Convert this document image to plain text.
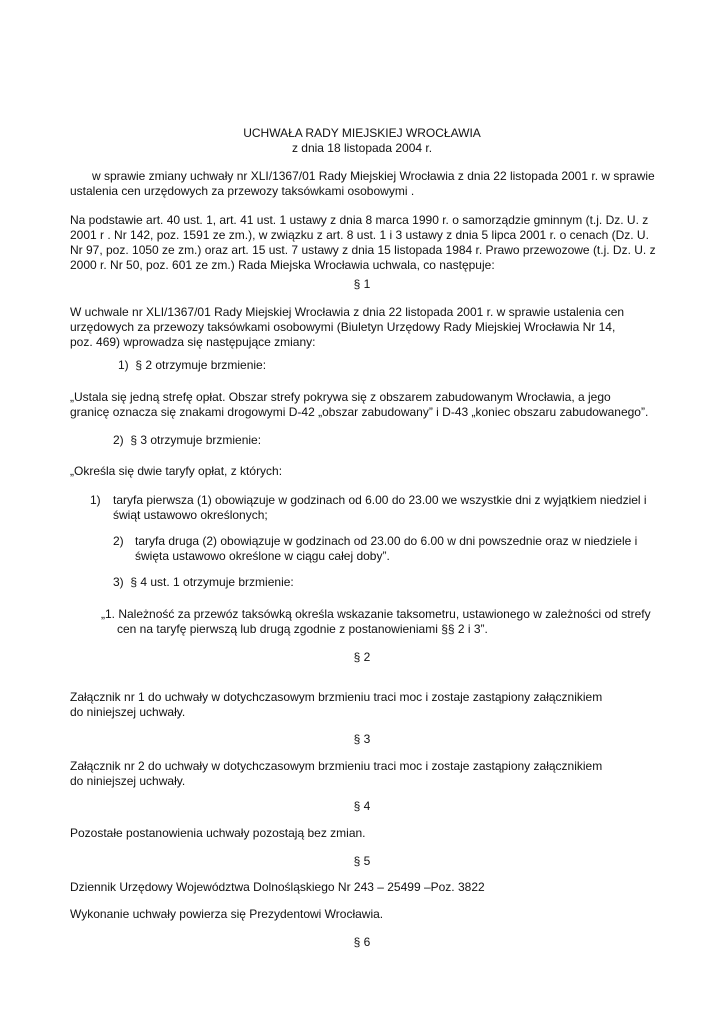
UCHWAŁA RADY MIEJSKIEJ WROCŁAWIA

z dnia 18 listopada 2004 r.

w sprawie zmiany uchwały nr XLI/1367/01 Rady Miejskiej Wrocławia z dnia 22 listopada 2001 r. w sprawie

ustalenia cen urzędowych za przewozy taksówkami osobowymi .

Na podstawie art. 40 ust. 1, art. 41 ust. 1 ustawy z dnia 8 marca 1990 r. o samorządzie gminnym (t.j. Dz. U. z

2001 r . Nr 142, poz. 1591 ze zm.), w związku z art. 8 ust. 1 i 3 ustawy z dnia 5 lipca 2001 r. o cenach (Dz. U.

Nr 97, poz. 1050 ze zm.) oraz art. 15 ust. 7 ustawy z dnia 15 listopada 1984 r. Prawo przewozowe (t.j. Dz. U. z

2000 r. Nr 50, poz. 601 ze zm.) Rada Miejska Wrocławia uchwala, co następuje:

§ 1

W uchwale nr XLI/1367/01 Rady Miejskiej Wrocławia z dnia 22 listopada 2001 r. w sprawie ustalenia cen

urzędowych za przewozy taksówkami osobowymi (Biuletyn Urzędowy Rady Miejskiej Wrocławia Nr 14,

poz. 469) wprowadza się następujące zmiany:

1)  § 2 otrzymuje brzmienie:

„Ustala się jedną strefę opłat. Obszar strefy pokrywa się z obszarem zabudowanym Wrocławia, a jego

granicę oznacza się znakami drogowymi D-42 „obszar zabudowany” i D-43 „koniec obszaru zabudowanego”.

2)  § 3 otrzymuje brzmienie:

„Określa się dwie taryfy opłat, z których:

1) taryfa pierwsza (1) obowiązuje w godzinach od 6.00 do 23.00 we wszystkie dni z wyjątkiem niedziel i

świąt ustawowo określonych;

2) taryfa druga (2) obowiązuje w godzinach od 23.00 do 6.00 w dni powszednie oraz w niedziele i

święta ustawowo określone w ciągu całej doby”.

3)  § 4 ust. 1 otrzymuje brzmienie:

„1. Należność za przewóz taksówką określa wskazanie taksometru, ustawionego w zależności od strefy

cen na taryfę pierwszą lub drugą zgodnie z postanowieniami §§ 2 i 3”.

§ 2

Załącznik nr 1 do uchwały w dotychczasowym brzmieniu traci moc i zostaje zastąpiony załącznikiem

do niniejszej uchwały.

§ 3

Załącznik nr 2 do uchwały w dotychczasowym brzmieniu traci moc i zostaje zastąpiony załącznikiem

do niniejszej uchwały.

§ 4

Pozostałe postanowienia uchwały pozostają bez zmian.

§ 5

Dziennik Urzędowy Województwa Dolnośląskiego Nr 243 – 25499 –Poz. 3822

Wykonanie uchwały powierza się Prezydentowi Wrocławia.

§ 6
